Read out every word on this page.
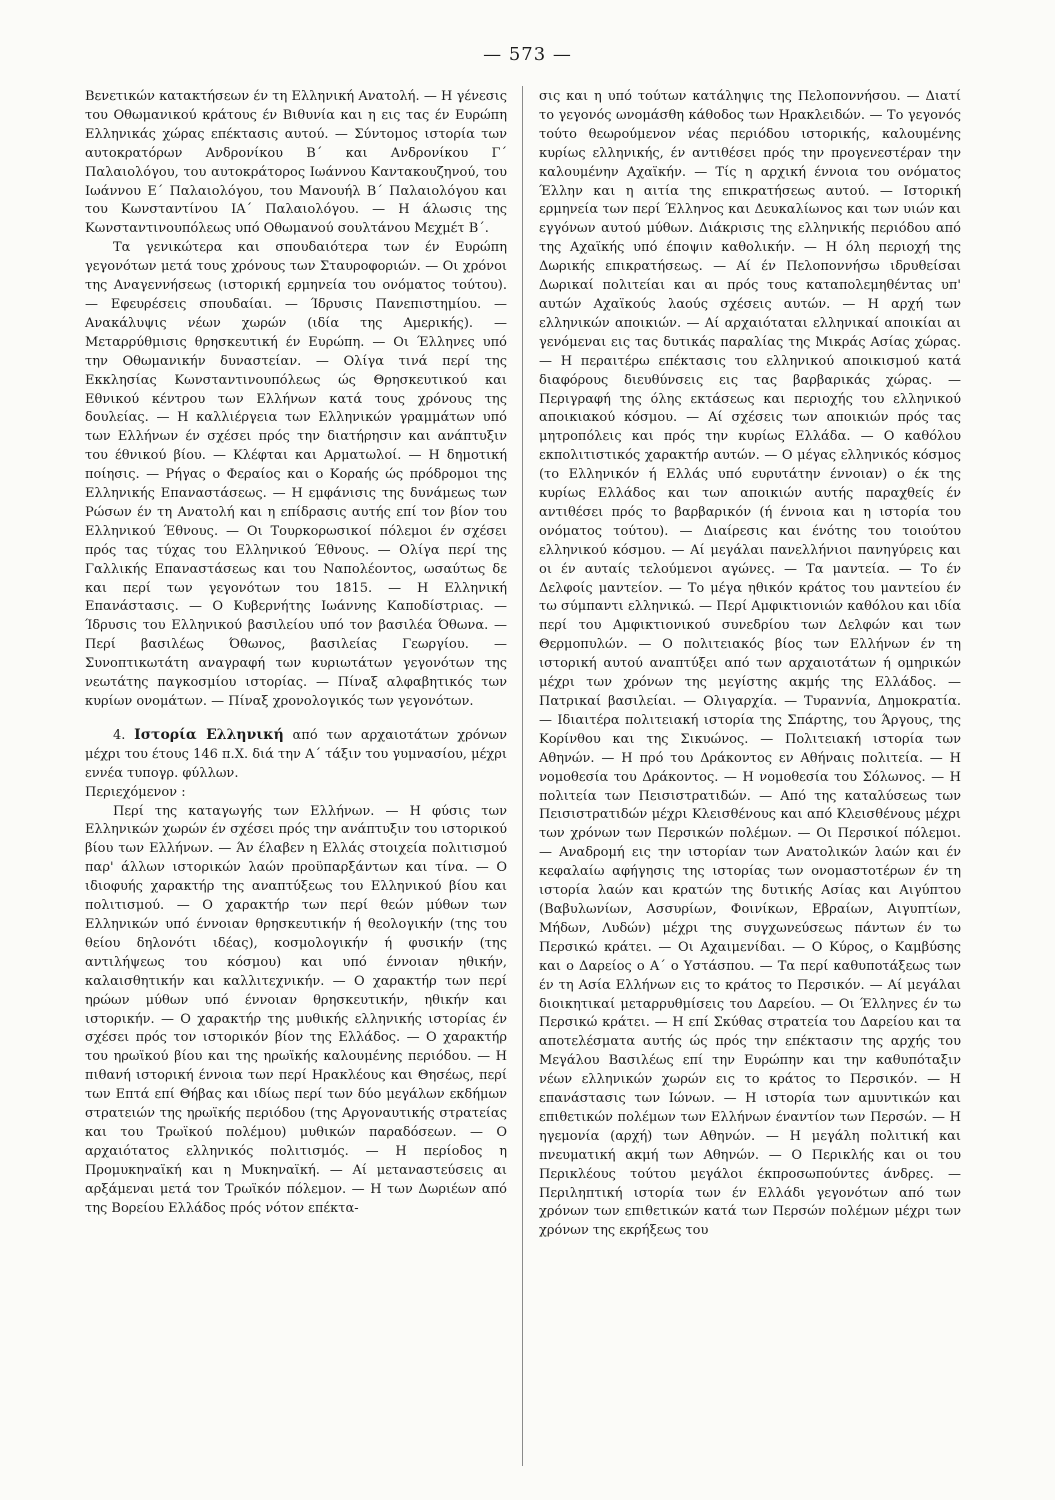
— 573 —

Βενετικών κατακτήσεων έν τη Ελληνική Ανατολή. — Η γένεσις του Οθωμανικού κράτους έν Βιθυνία και η εις τας έν Ευρώπη Ελληνικάς χώρας επέκτασις αυτού. — Σύντομος ιστορία των αυτοκρατόρων Ανδρονίκου Β΄ και Ανδρονίκου Γ΄ Παλαιολόγου, του αυτοκράτορος Ιωάννου Καντακουζηνού, του Ιωάννου Ε΄ Παλαιολόγου, του Μανουήλ Β΄ Παλαιολόγου και του Κωνσταντίνου ΙΑ΄ Παλαιολόγου. — Η άλωσις της Κωνσταντινουπόλεως υπό Οθωμανού σουλτάνου Μεχμέτ Β΄.

Τα γενικώτερα και σπουδαιότερα των έν Ευρώπη γεγονότων μετά τους χρόνους των Σταυροφοριών. — Οι χρόνοι της Αναγεννήσεως (ιστορική ερμηνεία του ονόματος τούτου). — Εφευρέσεις σπουδαίαι. — Ίδρυσις Πανεπιστημίου. — Ανακάλυψις νέων χωρών (ιδία της Αμερικής). — Μεταρρύθμισις θρησκευτική έν Ευρώπη. — Οι Έλληνες υπό την Οθωμανικήν δυναστείαν. — Ολίγα τινά περί της Εκκλησίας Κωνσταντινουπόλεως ώς Θρησκευτικού και Εθνικού κέντρου των Ελλήνων κατά τους χρόνους της δουλείας. — Η καλλιέργεια των Ελληνικών γραμμάτων υπό των Ελλήνων έν σχέσει πρός την διατήρησιν και ανάπτυξιν του έθνικού βίου. — Κλέφται και Αρματωλοί. — Η δημοτική ποίησις. — Ρήγας ο Φεραίος και ο Κοραής ώς πρόδρομοι της Ελληνικής Επαναστάσεως. — Η εμφάνισις της δυνάμεως των Ρώσων έν τη Ανατολή και η επίδρασις αυτής επί τον βίον του Ελληνικού Έθνους. — Οι Τουρκορωσικοί πόλεμοι έν σχέσει πρός τας τύχας του Ελληνικού Έθνους. — Ολίγα περί της Γαλλικής Επαναστάσεως και του Ναπολέοντος, ωσαύτως δε και περί των γεγονότων του 1815. — Η Ελληνική Επανάστασις. — Ο Κυβερνήτης Ιωάννης Καποδίστριας. — Ίδρυσις του Ελληνικού βασιλείου υπό τον βασιλέα Όθωνα. — Περί βασιλέως Όθωνος, βασιλείας Γεωργίου. — Συνοπτικωτάτη αναγραφή των κυριωτάτων γεγονότων της νεωτάτης παγκοσμίου ιστορίας. — Πίναξ αλφαβητικός των κυρίων ονομάτων. — Πίναξ χρονολογικός των γεγονότων.

4. Ιστορία Ελληνική από των αρχαιοτάτων χρόνων μέχρι του έτους 146 π.Χ. διά την Α΄ τάξιν του γυμνασίου, μέχρι εννέα τυπογρ. φύλλων.

Περιεχόμενον :

Περί της καταγωγής των Ελλήνων. — Η φύσις των Ελληνικών χωρών έν σχέσει πρός την ανάπτυξιν του ιστορικού βίου των Ελλήνων. — Άν έλαβεν η Ελλάς στοιχεία πολιτισμού παρ' άλλων ιστορικών λαών προϋπαρξάντων και τίνα. — Ο ιδιοφυής χαρακτήρ της αναπτύξεως του Ελληνικού βίου και πολιτισμού. — Ο χαρακτήρ των περί θεών μύθων των Ελληνικών υπό έννοιαν θρησκευτικήν ή θεολογικήν (της του θείου δηλονότι ιδέας), κοσμολογικήν ή φυσικήν (της αντιλήψεως του κόσμου) και υπό έννοιαν ηθικήν, καλαισθητικήν και καλλιτεχνικήν. — Ο χαρακτήρ των περί ηρώων μύθων υπό έννοιαν θρησκευτικήν, ηθικήν και ιστορικήν. — Ο χαρακτήρ της μυθικής ελληνικής ιστορίας έν σχέσει πρός τον ιστορικόν βίον της Ελλάδος. — Ο χαρακτήρ του ηρωϊκού βίου και της ηρωϊκής καλουμένης περιόδου. — Η πιθανή ιστορική έννοια των περί Ηρακλέους και Θησέως, περί των Επτά επί Θήβας και ιδίως περί των δύο μεγάλων εκδήμων στρατειών της ηρωϊκής περιόδου (της Αργοναυτικής στρατείας και του Τρωϊκού πολέμου) μυθικών παραδόσεων. — Ο αρχαιότατος ελληνικός πολιτισμός. — Η περίοδος η Προμυκηναϊκή και η Μυκηναϊκή. — Αί μεταναστεύσεις αι αρξάμεναι μετά τον Τρωϊκόν πόλεμον. — Η των Δωριέων από της Βορείου Ελλάδος πρός νότον επέκτα-

σις και η υπό τούτων κατάληψις της Πελοποννήσου. — Διατί το γεγονός ωνομάσθη κάθοδος των Ηρακλειδών. — Το γεγονός τούτο θεωρούμενον νέας περιόδου ιστορικής, καλουμένης κυρίως ελληνικής, έν αντιθέσει πρός την προγενεστέραν την καλουμένην Αχαϊκήν. — Τίς η αρχική έννοια του ονόματος Έλλην και η αιτία της επικρατήσεως αυτού. — Ιστορική ερμηνεία των περί Έλληνος και Δευκαλίωνος και των υιών και εγγόνων αυτού μύθων. Διάκρισις της ελληνικής περιόδου από της Αχαϊκής υπό έποψιν καθολικήν. — Η όλη περιοχή της Δωρικής επικρατήσεως. — Αί έν Πελοποννήσω ιδρυθείσαι Δωρικαί πολιτείαι και αι πρός τους καταπολεμηθέντας υπ' αυτών Αχαϊκούς λαούς σχέσεις αυτών. — Η αρχή των ελληνικών αποικιών. — Αί αρχαιόταται ελληνικαί αποικίαι αι γενόμεναι εις τας δυτικάς παραλίας της Μικράς Ασίας χώρας. — Η περαιτέρω επέκτασις του ελληνικού αποικισμού κατά διαφόρους διευθύνσεις εις τας βαρβαρικάς χώρας. — Περιγραφή της όλης εκτάσεως και περιοχής του ελληνικού αποικιακού κόσμου. — Αί σχέσεις των αποικιών πρός τας μητροπόλεις και πρός την κυρίως Ελλάδα. — Ο καθόλου εκπολιτιστικός χαρακτήρ αυτών. — Ο μέγας ελληνικός κόσμος (το Ελληνικόν ή Ελλάς υπό ευρυτάτην έννοιαν) ο έκ της κυρίως Ελλάδος και των αποικιών αυτής παραχθείς έν αντιθέσει πρός το βαρβαρικόν (ή έννοια και η ιστορία του ονόματος τούτου). — Διαίρεσις και ένότης του τοιούτου ελληνικού κόσμου. — Αί μεγάλαι πανελλήνιοι πανηγύρεις και οι έν αυταίς τελούμενοι αγώνες. — Τα μαντεία. — Το έν Δελφοίς μαντείον. — Το μέγα ηθικόν κράτος του μαντείου έν τω σύμπαντι ελληνικώ. — Περί Αμφικτιονιών καθόλου και ιδία περί του Αμφικτιονικού συνεδρίου των Δελφών και των Θερμοπυλών. — Ο πολιτειακός βίος των Ελλήνων έν τη ιστορική αυτού αναπτύξει από των αρχαιοτάτων ή ομηρικών μέχρι των χρόνων της μεγίστης ακμής της Ελλάδος. — Πατρικαί βασιλείαι. — Ολιγαρχία. — Τυραννία, Δημοκρατία. — Ιδιαιτέρα πολιτειακή ιστορία της Σπάρτης, του Άργους, της Κορίνθου και της Σικυώνος. — Πολιτειακή ιστορία των Αθηνών. — Η πρό του Δράκοντος εν Αθήναις πολιτεία. — Η νομοθεσία του Δράκοντος. — Η νομοθεσία του Σόλωνος. — Η πολιτεία των Πεισιστρατιδών. — Από της καταλύσεως των Πεισιστρατιδών μέχρι Κλεισθένους και από Κλεισθένους μέχρι των χρόνων των Περσικών πολέμων. — Οι Περσικοί πόλεμοι. — Αναδρομή εις την ιστορίαν των Ανατολικών λαών και έν κεφαλαίω αφήγησις της ιστορίας των ονομαστοτέρων έν τη ιστορία λαών και κρατών της δυτικής Ασίας και Αιγύπτου (Βαβυλωνίων, Ασσυρίων, Φοινίκων, Εβραίων, Αιγυπτίων, Μήδων, Λυδών) μέχρι της συγχωνεύσεως πάντων έν τω Περσικώ κράτει. — Οι Αχαιμενίδαι. — Ο Κύρος, ο Καμβύσης και ο Δαρείος ο Α΄ ο Υστάσπου. — Τα περί καθυποτάξεως των έν τη Ασία Ελλήνων εις το κράτος το Περσικόν. — Αί μεγάλαι διοικητικαί μεταρρυθμίσεις του Δαρείου. — Οι Έλληνες έν τω Περσικώ κράτει. — Η επί Σκύθας στρατεία του Δαρείου και τα αποτελέσματα αυτής ώς πρός την επέκτασιν της αρχής του Μεγάλου Βασιλέως επί την Ευρώπην και την καθυπόταξιν νέων ελληνικών χωρών εις το κράτος το Περσικόν. — Η επανάστασις των Ιώνων. — Η ιστορία των αμυντικών και επιθετικών πολέμων των Ελλήνων έναντίον των Περσών. — Η ηγεμονία (αρχή) των Αθηνών. — Η μεγάλη πολιτική και πνευματική ακμή των Αθηνών. — Ο Περικλής και οι του Περικλέους τούτου μεγάλοι έκπροσωπούντες άνδρες. — Περιληπτική ιστορία των έν Ελλάδι γεγονότων από των χρόνων των επιθετικών κατά των Περσών πολέμων μέχρι των χρόνων της εκρήξεως του
